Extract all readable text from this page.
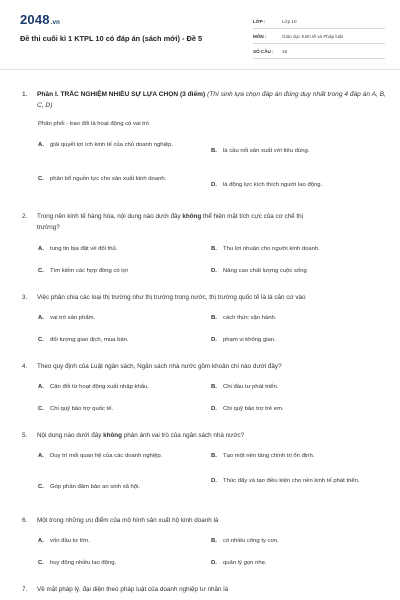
2048.vn
Đề thi cuối kì 1 KTPL 10 có đáp án (sách mới) - Đề 5
LỚP :	Lớp 10
MÔN :	Giáo dục Kinh tế và Pháp luật
SỐ CÂU :	18
1.	Phần I. TRẮC NGHIỆM NHIỀU SỰ LỰA CHỌN (3 điểm) (Thí sinh lựa chọn đáp án đúng duy nhất trong 4 đáp án A, B, C, D)
Phân phối - trao đổi là hoạt động có vai trò
A.	giải quyết lợi ích kinh tế của chủ doanh nghiệp.
B.	là cầu nối sản xuất với tiêu dùng.
C.	phân bổ nguồn lực cho sản xuất kinh doanh.
D.	là động lực kích thích người lao động.
2.	Trong nền kinh tế hàng hóa, nội dung nào dưới đây không thể hiện mặt tích cực của cơ chế thị
trường?
A.	tung tin bịa đặt về đối thủ.	B.	Thu lợi nhuận cho người kinh doanh.
C.	Tìm kiếm các hợp đồng có lợi	D.	Nâng cao chất lượng cuộc sống
3.	Việc phân chia các loại thị trường như thị trường trong nước, thị trường quốc tế là là căn cứ vào
A.	vai trò sản phẩm.	B.	cách thức vận hành.
C.	đối tượng giao dịch, mua bán.	D.	phạm vi không gian.
4.	Theo quy định của Luật ngân sách, Ngân sách nhà nước gồm khoản chi nào dưới đây?
A.	Cân đối từ hoạt động xuất nhập khẩu.	B.	Chi đầu tư phát triển.
C.	Chi quỹ bảo trợ quốc tế.	D.	Chi quỹ bảo trợ trẻ em.
5.	Nội dung nào dưới đây không phản ánh vai trò của ngân sách nhà nước?
A.	Duy trì mối quan hệ của các doanh nghiệp.	B.	Tạo một nền tảng chính trị ổn định.
C.	Góp phần đảm bảo an sinh xã hội.
D.	Thúc đẩy và tạo điều kiện cho nền kinh tế phát triển.
6.	Một trong những ưu điểm của mô hình sản xuất hộ kinh doanh là
A.	vốn đầu tư lớn.	B.	có nhiều công ty con.
C.	huy động nhiều lao động.	D.	quản lý gọn nhẹ.
7.	Về mặt pháp lý, đại diện theo pháp luật của doanh nghiệp tư nhân là
